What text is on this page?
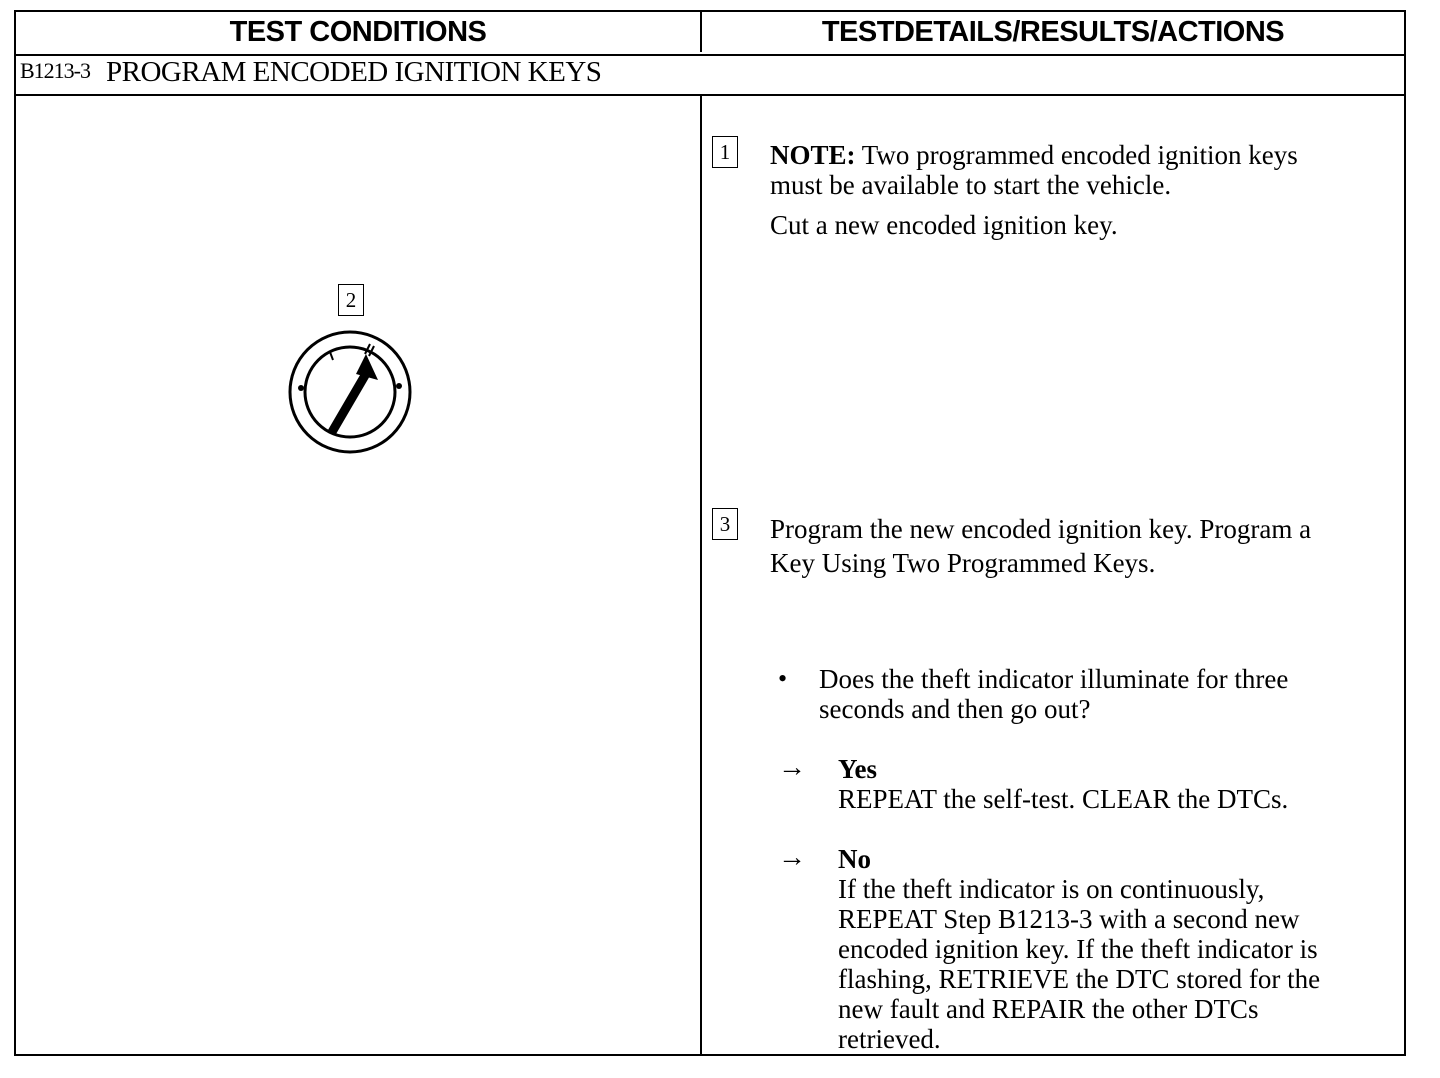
TEST CONDITIONS	TESTDETAILS/RESULTS/ACTIONS
B1213-3 PROGRAM ENCODED IGNITION KEYS
2
1 NOTE: Two programmed encoded ignition keys
must be available to start the vehicle.
Cut a new encoded ignition key.
3 Program the new encoded ignition key. Program a
Key Using Two Programmed Keys.
• Does the theft indicator illuminate for three
seconds and then go out?
→ Yes
REPEAT the self-test. CLEAR the DTCs.
→ No
If the theft indicator is on continuously,
REPEAT Step B1213-3 with a second new
encoded ignition key. If the theft indicator is
flashing, RETRIEVE the DTC stored for the
new fault and REPAIR the other DTCs
retrieved.
